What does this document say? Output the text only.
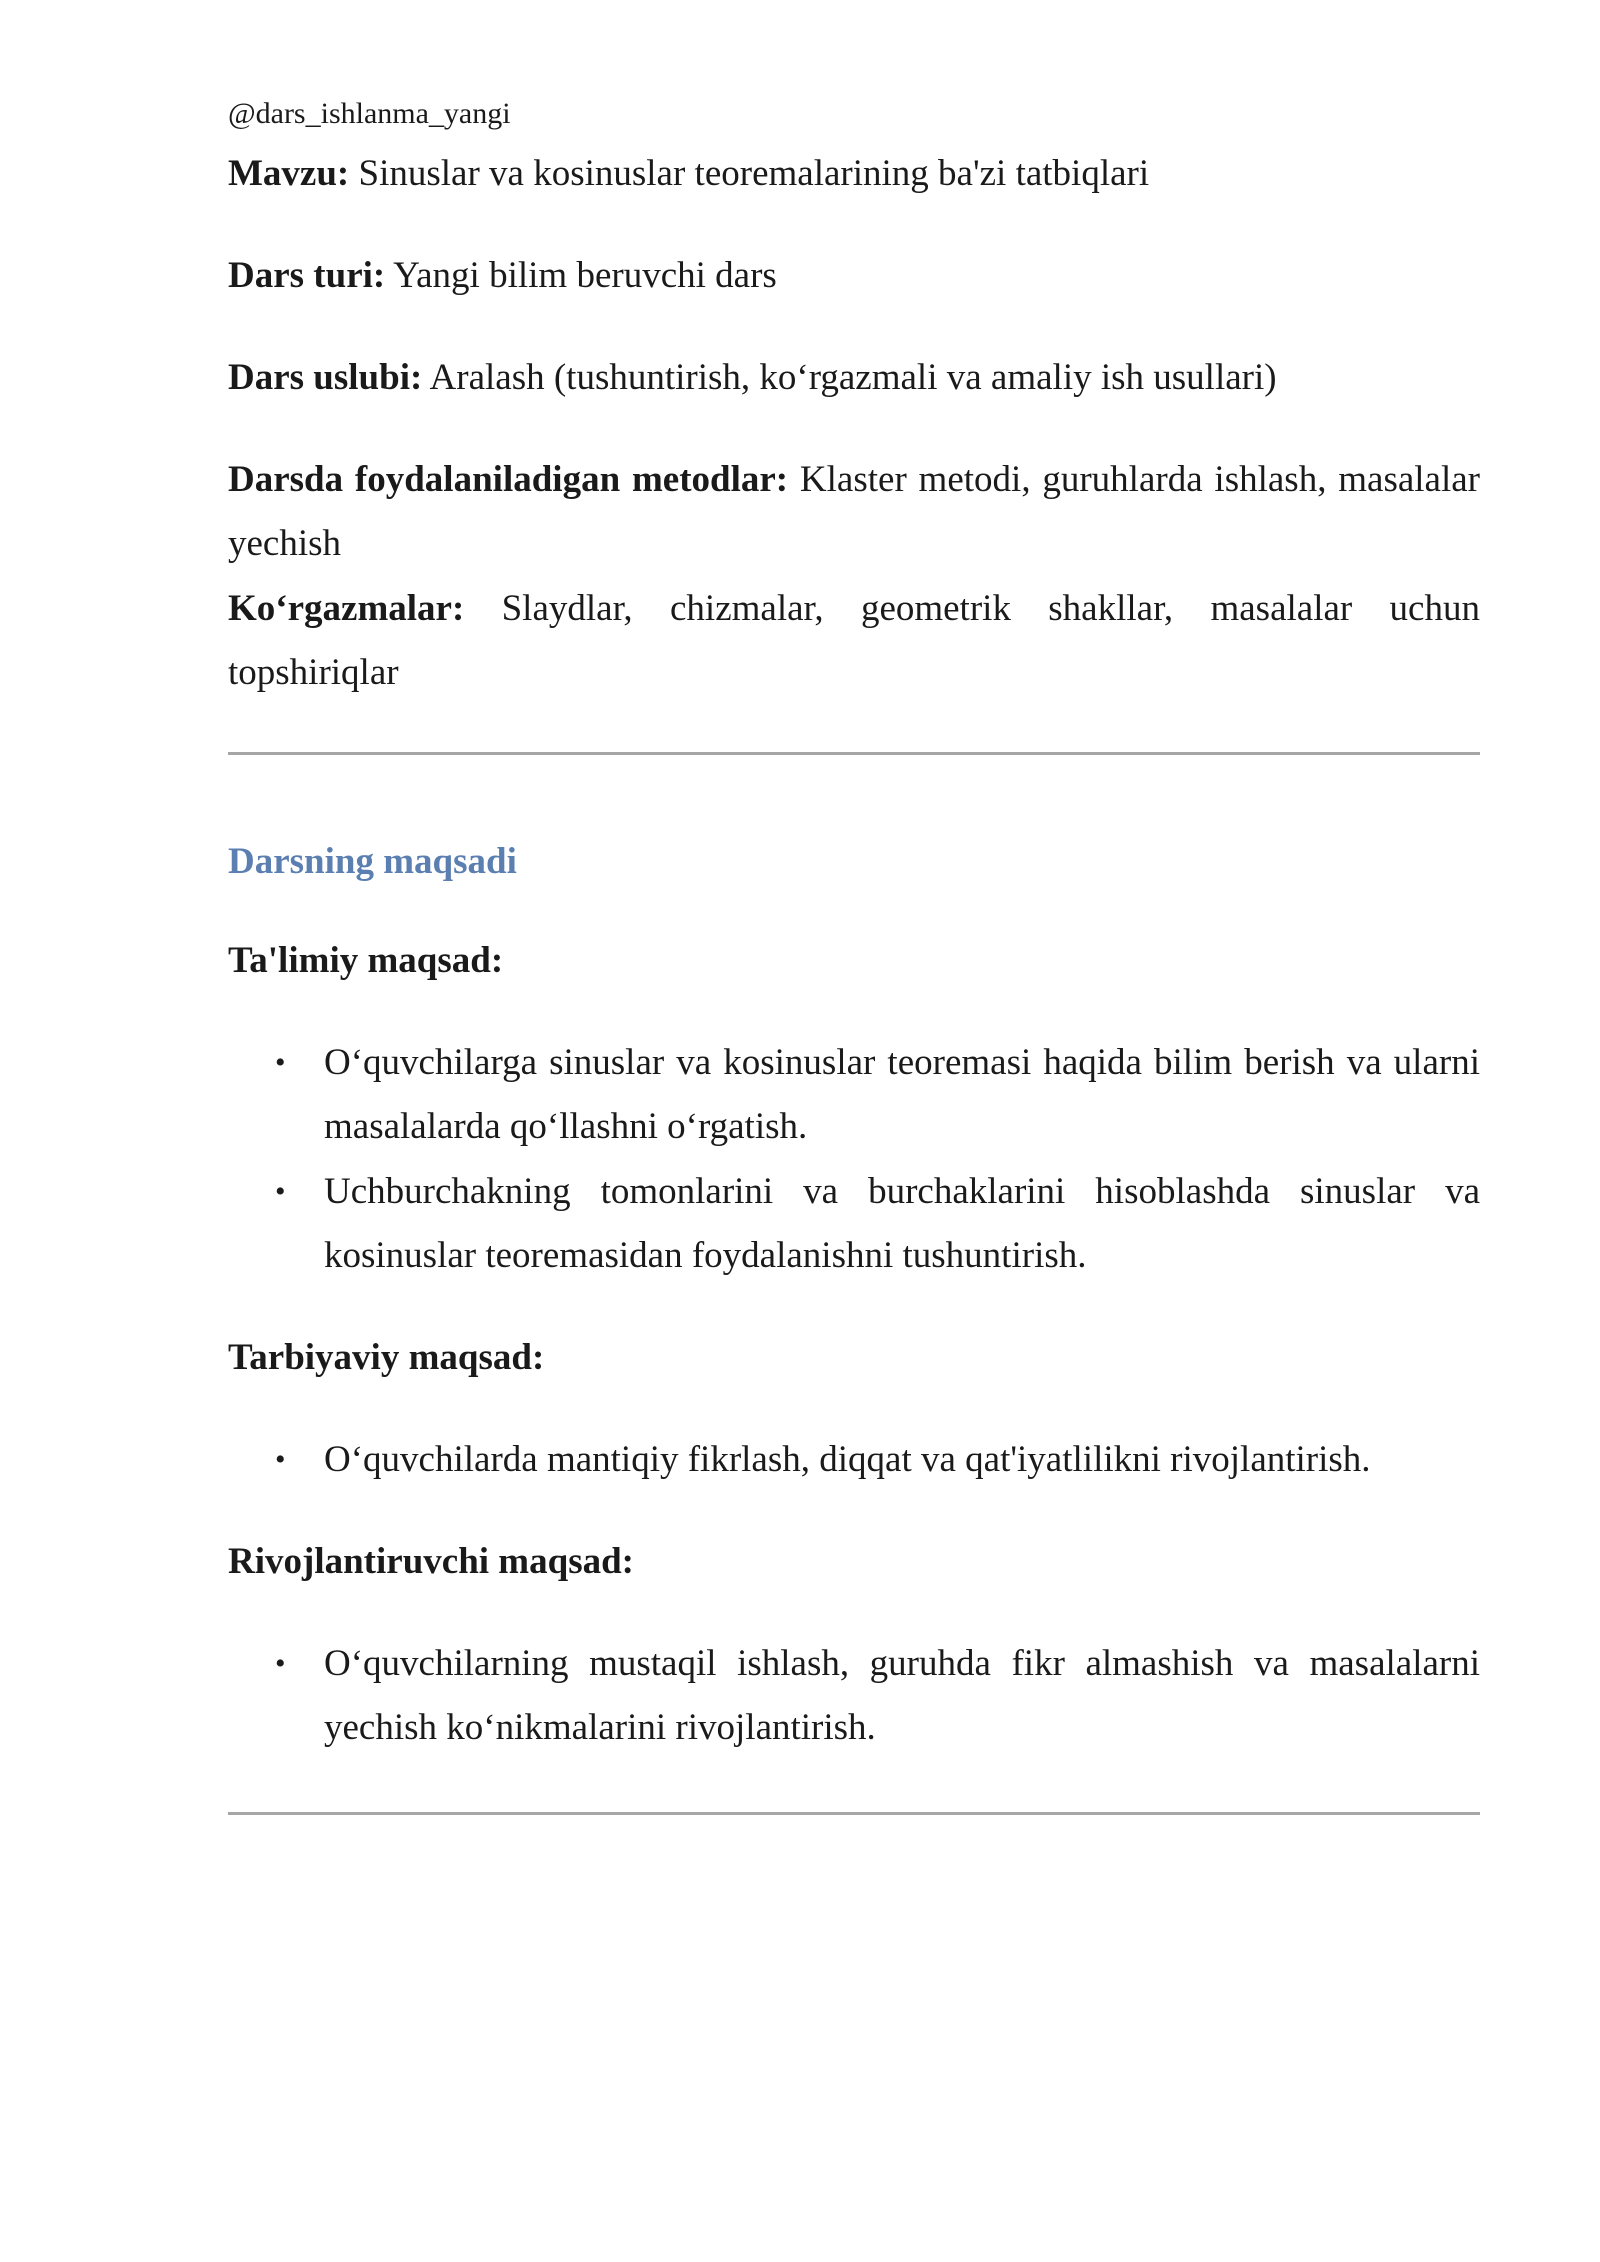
@dars_ishlanma_yangi
Mavzu: Sinuslar va kosinuslar teoremalarining ba'zi tatbiqlari
Dars turi: Yangi bilim beruvchi dars
Dars uslubi: Aralash (tushuntirish, ko‘rgazmali va amaliy ish usullari)
Darsda foydalaniladigan metodlar: Klaster metodi, guruhlarda ishlash, masalalar yechish
Ko‘rgazmalar: Slaydlar, chizmalar, geometrik shakllar, masalalar uchun
topshiriqlar
Darsning maqsadi
Ta'limiy maqsad:
• O‘quvchilarga sinuslar va kosinuslar teoremasi haqida bilim berish va ularni masalalarda qo‘llashni o‘rgatish.
• Uchburchakning tomonlarini va burchaklarini hisoblashda sinuslar va kosinuslar teoremasidan foydalanishni tushuntirish.
Tarbiyaviy maqsad:
• O‘quvchilarda mantiqiy fikrlash, diqqat va qat'iyatlilikni rivojlantirish.
Rivojlantiruvchi maqsad:
• O‘quvchilarning mustaqil ishlash, guruhda fikr almashish va masalalarni yechish ko‘nikmalarini rivojlantirish.
